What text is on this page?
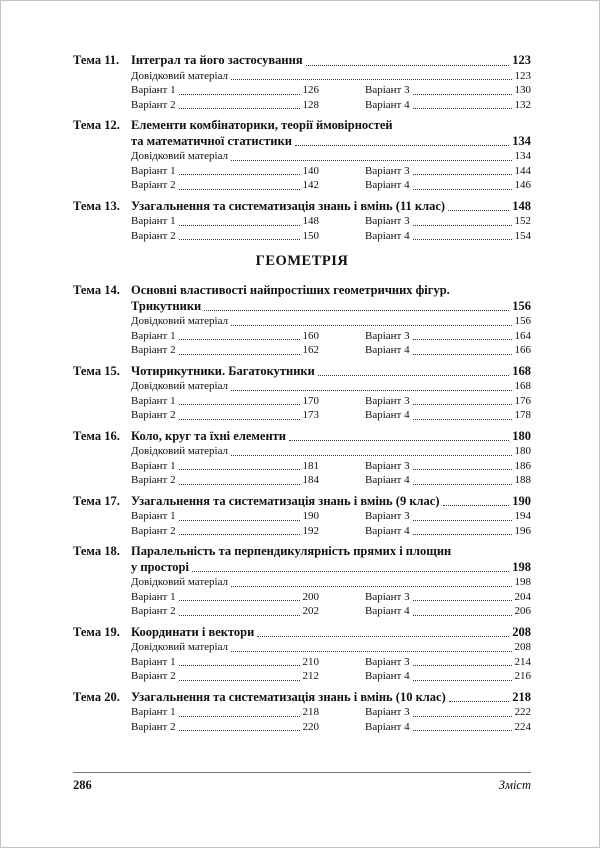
Тема 11. Інтеграл та його застосування	123
Довідковий матеріал	123
Варіант 1	126	Варіант 3	130
Варіант 2	128	Варіант 4	132
Тема 12. Елементи комбінаторики, теорії ймовірностей
та математичної статистики	134
Довідковий матеріал	134
Варіант 1	140	Варіант 3	144
Варіант 2	142	Варіант 4	146
Тема 13. Узагальнення та систематизація знань і вмінь (11 клас)	148
Варіант 1	148	Варіант 3	152
Варіант 2	150	Варіант 4	154
ГЕОМЕТРІЯ
Тема 14. Основні властивості найпростіших геометричних фігур.
Трикутники	156
Довідковий матеріал	156
Варіант 1	160	Варіант 3	164
Варіант 2	162	Варіант 4	166
Тема 15. Чотирикутники. Багатокутники	168
Довідковий матеріал	168
Варіант 1	170	Варіант 3	176
Варіант 2	173	Варіант 4	178
Тема 16. Коло, круг та їхні елементи	180
Довідковий матеріал	180
Варіант 1	181	Варіант 3	186
Варіант 2	184	Варіант 4	188
Тема 17. Узагальнення та систематизація знань і вмінь (9 клас)	190
Варіант 1	190	Варіант 3	194
Варіант 2	192	Варіант 4	196
Тема 18. Паралельність та перпендикулярність прямих і площин
у просторі	198
Довідковий матеріал	198
Варіант 1	200	Варіант 3	204
Варіант 2	202	Варіант 4	206
Тема 19. Координати і вектори	208
Довідковий матеріал	208
Варіант 1	210	Варіант 3	214
Варіант 2	212	Варіант 4	216
Тема 20. Узагальнення та систематизація знань і вмінь (10 клас)	218
Варіант 1	218	Варіант 3	222
Варіант 2	220	Варіант 4	224
286	Зміст
